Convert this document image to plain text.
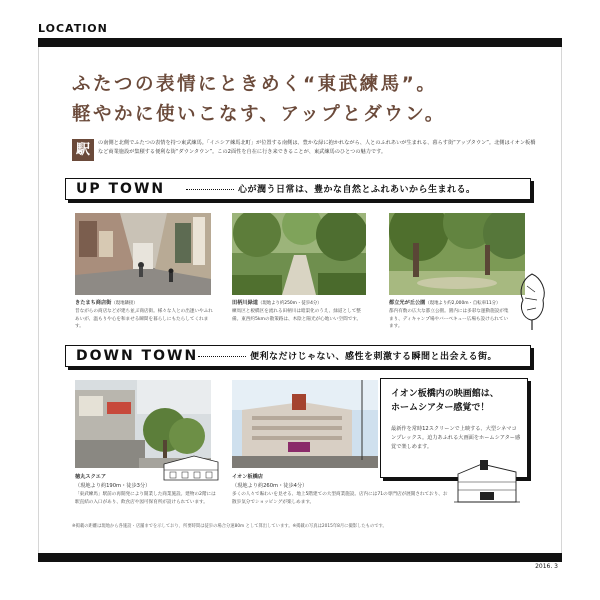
LOCATION
ふたつの表情にときめく“東武練馬”。
軽やかに使いこなす、アップとダウン。
駅	の南側と北側でふたつの表情を持つ東武練馬。「イニシア練馬北町」が位置する南側は、豊かな緑に抱かれながら、人とのふれあいが生まれる、暮らす街“アップタウン”。北側はイオン板橋など商業施設が集積する便利な街“ダウンタウン”。この2面性を自在に行き来できることが、東武練馬のひとつの魅力です。
UP TOWN	心が潤う日常は、豊かな自然とふれあいから生まれる。
きたまち商店街（現地隣接）
昔ながらの商店などが建ち並ぶ商店街。様々な人との出逢いやふれあいが、温もりや心を和ませる瞬間を暮らしにもたらしてくれます。
田柄川緑道（現地より約250m・徒歩4分）
練馬区と板橋区を流れる田柄川は暗渠化のうえ、緑道として整備。東西約5kmの散策路は、木陰と陽光が心地いい空間です。
都立光が丘公園（現地より約2,000m・自転車11分）
都内有数の広大な都立公園。園内には多彩な運動施設が集まり、ディキャンプ場やバーベキュー広場も設けられています。
DOWN TOWN	便利なだけじゃない、感性を刺激する瞬間と出会える街。
徳丸スクエア
（現地より約190m・徒歩3分）
「東武練馬」駅前の再開発により開業した商業施設。建物の2階には駅直結の入口があり、飲食店や図可保育所が設けられています。
イオン板橋店
（現地より約260m・徒歩4分）
多くの人々で賑わいを見せる、地上5階建ての大型商業施設。店内には71の専門店が展開されており、お散歩気分でショッピングが楽しめます。
イオン板橋内の映画館は、
ホームシアター感覚で！
最新作を常時12スクリーンで上映する、大型シネマコンプレックス。迫力あふれる大画面をホームシアター感覚で楽しめます。
※掲載の距離は現地から各施設・店舗までを示しており、所要時間は徒歩の場合分速80m として算出しています。※掲載の写真は2015年8月に撮影したものです。
2016. 3
